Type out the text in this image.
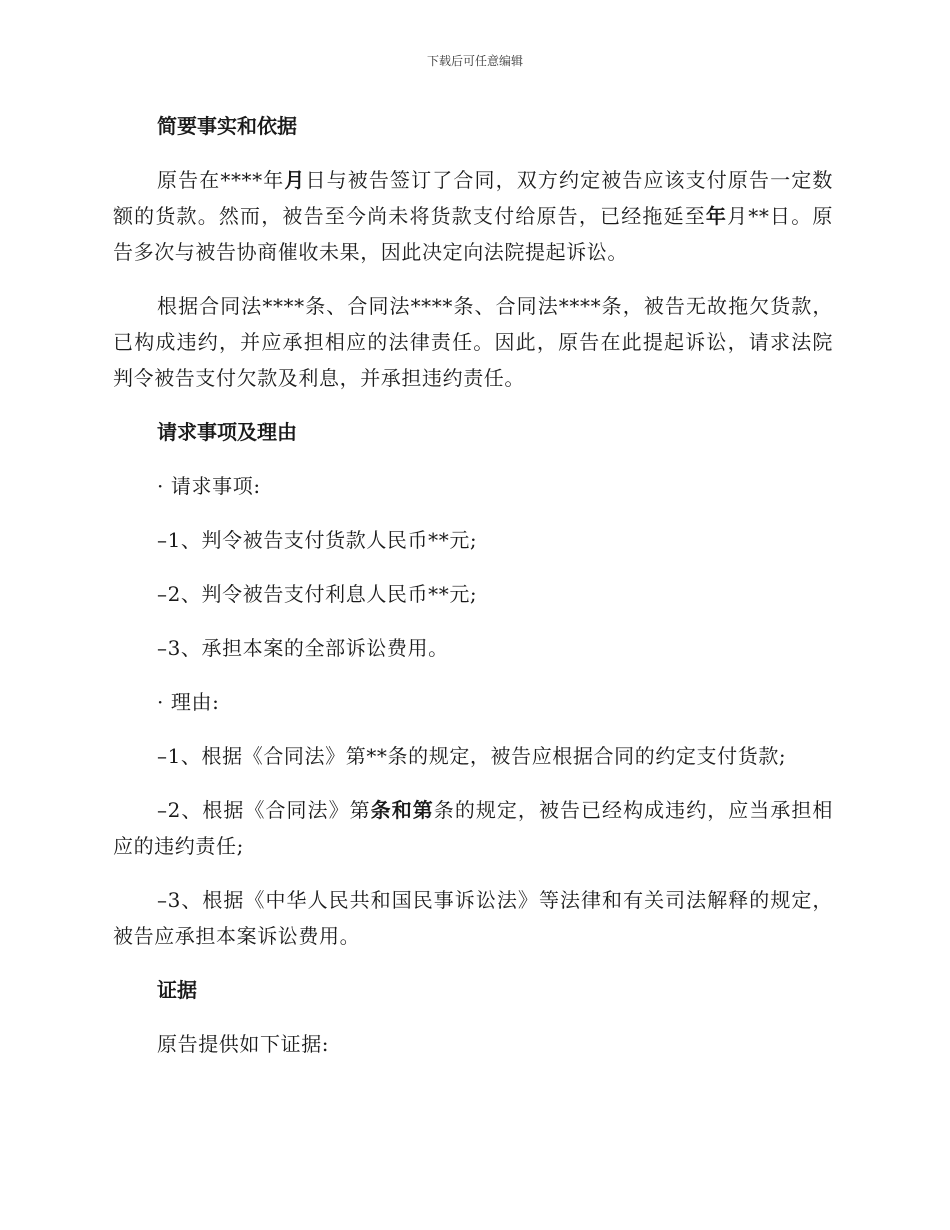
下载后可任意编辑
简要事实和依据

原告在****年月日与被告签订了合同，双方约定被告应该支付原告一定数额的货款。然而，被告至今尚未将货款支付给原告，已经拖延至年月**日。原告多次与被告协商催收未果，因此决定向法院提起诉讼。

根据合同法****条、合同法****条、合同法****条，被告无故拖欠货款，已构成违约，并应承担相应的法律责任。因此，原告在此提起诉讼，请求法院判令被告支付欠款及利息，并承担违约责任。

请求事项及理由
· 请求事项:
–1、判令被告支付货款人民币**元;
–2、判令被告支付利息人民币**元;
–3、承担本案的全部诉讼费用。
· 理由:

–1、根据《合同法》第**条的规定，被告应根据合同的约定支付货款;

–2、根据《合同法》第条和第条的规定，被告已经构成违约，应当承担相应的违约责任;

–3、根据《中华人民共和国民事诉讼法》等法律和有关司法解释的规定，被告应承担本案诉讼费用。

证据
原告提供如下证据:
